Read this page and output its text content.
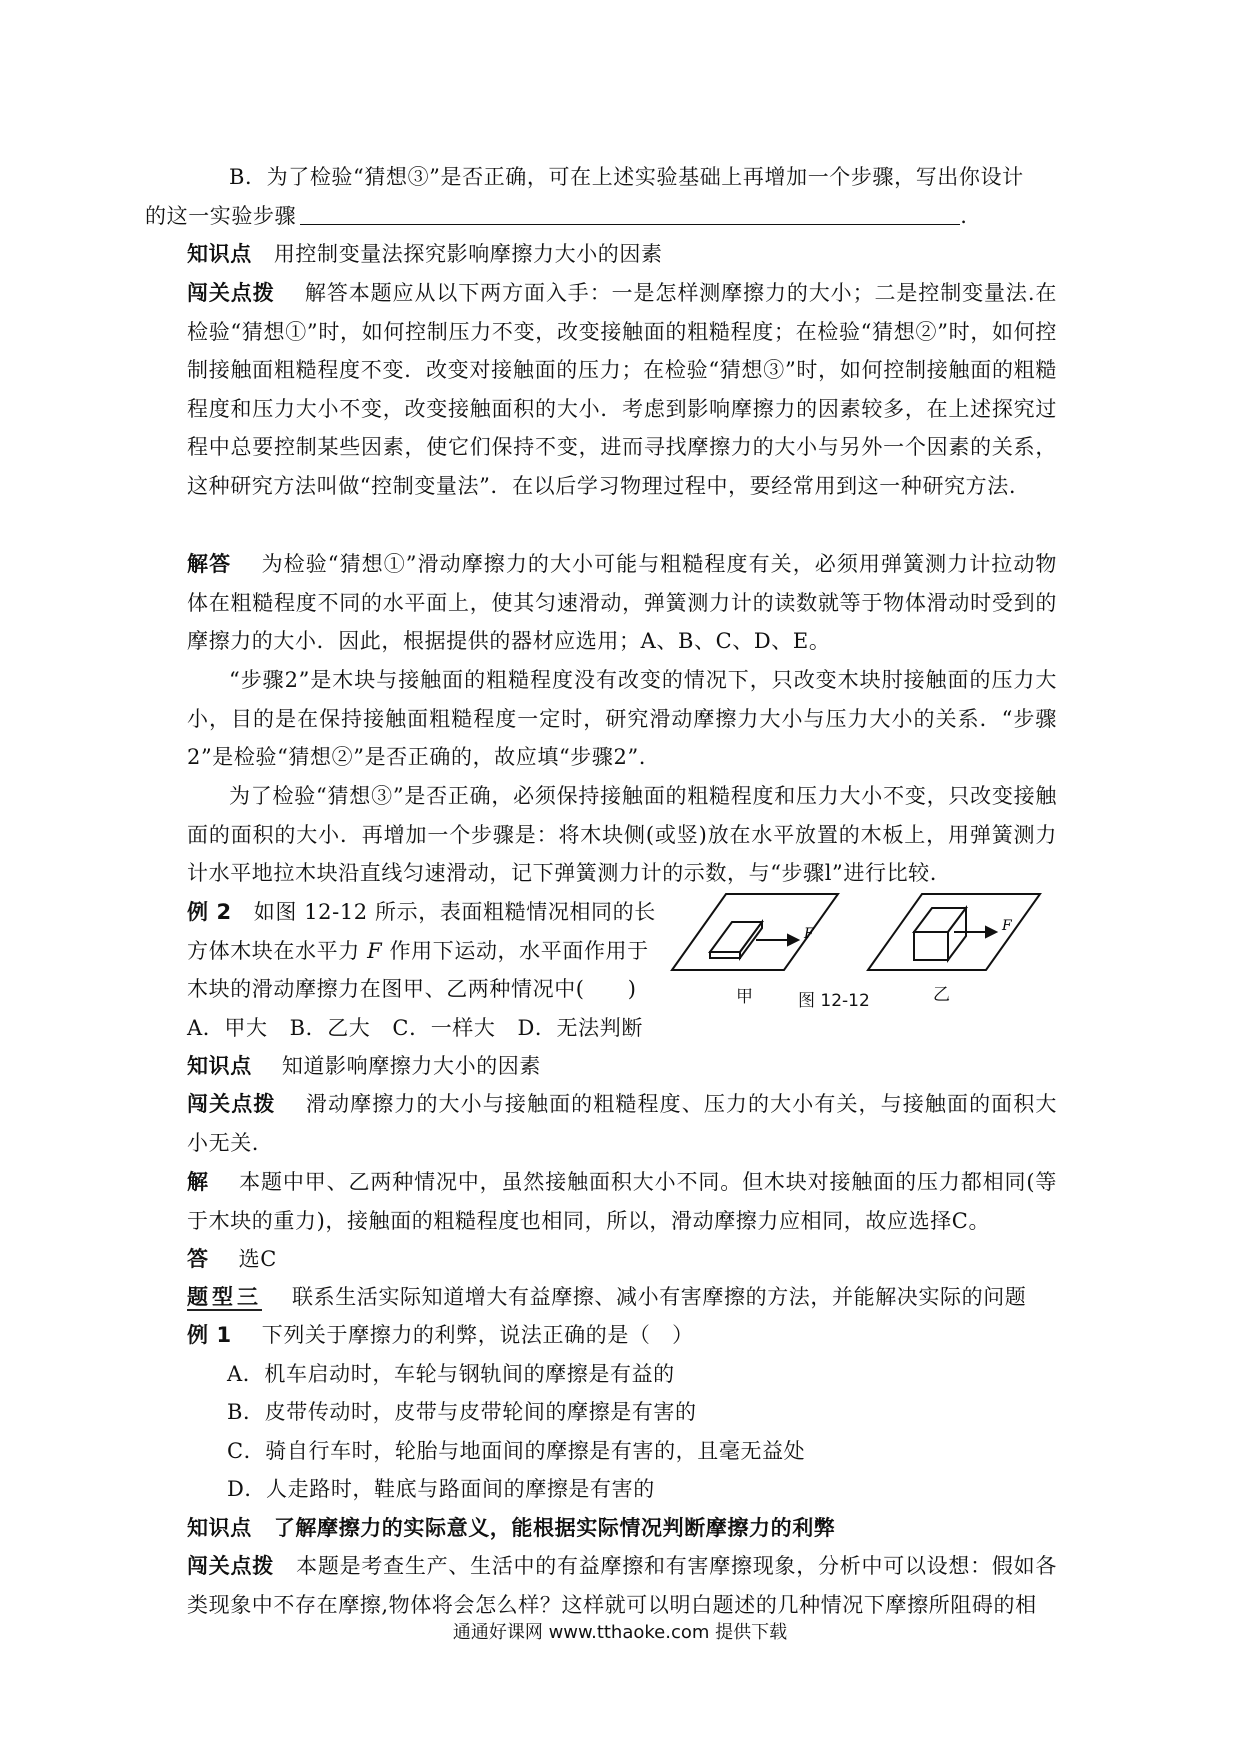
B．为了检验“猜想③”是否正确，可在上述实验基础上再增加一个步骤，写出你设计
的这一实验步骤	.
知识点 用控制变量法探究影响摩擦力大小的因素
闯关点拨 解答本题应从以下两方面入手：一是怎样测摩擦力的大小；二是控制变量法.在检验“猜想①”时，如何控制压力不变，改变接触面的粗糙程度；在检验“猜想②”时，如何控制接触面粗糙程度不变．改变对接触面的压力；在检验“猜想③”时，如何控制接触面的粗糙程度和压力大小不变，改变接触面积的大小．考虑到影响摩擦力的因素较多，在上述探究过程中总要控制某些因素，使它们保持不变，进而寻找摩擦力的大小与另外一个因素的关系，这种研究方法叫做“控制变量法”．在以后学习物理过程中，要经常用到这一种研究方法.
解答 为检验“猜想①”滑动摩擦力的大小可能与粗糙程度有关，必须用弹簧测力计拉动物体在粗糙程度不同的水平面上，使其匀速滑动，弹簧测力计的读数就等于物体滑动时受到的摩擦力的大小．因此，根据提供的器材应选用；A、B、C、D、E。
“步骤2”是木块与接触面的粗糙程度没有改变的情况下，只改变木块肘接触面的压力大小，目的是在保持接触面粗糙程度一定时，研究滑动摩擦力大小与压力大小的关系．“步骤2”是检验“猜想②”是否正确的，故应填“步骤2”.
为了检验“猜想③”是否正确，必须保持接触面的粗糙程度和压力大小不变，只改变接触面的面积的大小．再增加一个步骤是：将木块侧(或竖)放在水平放置的木板上，用弹簧测力计水平地拉木块沿直线匀速滑动，记下弹簧测力计的示数，与“步骤l”进行比较.
例 2 如图 12-12 所示，表面粗糙情况相同的长
方体木块在水平力 F 作用下运动，水平面作用于
木块的滑动摩擦力在图甲、乙两种情况中(　　)
A．甲大 B．乙大 C．一样大 D．无法判断
F	F
甲	图 12-12	乙
知识点 知道影响摩擦力大小的因素
闯关点拨 滑动摩擦力的大小与接触面的粗糙程度、压力的大小有关，与接触面的面积大小无关.
解 本题中甲、乙两种情况中，虽然接触面积大小不同。但木块对接触面的压力都相同(等于木块的重力)，接触面的粗糙程度也相同，所以，滑动摩擦力应相同，故应选择C。
答 选C
题型三 联系生活实际知道增大有益摩擦、减小有害摩擦的方法，并能解决实际的问题
例 1 下列关于摩擦力的利弊，说法正确的是（　）
A．机车启动时，车轮与钢轨间的摩擦是有益的
B．皮带传动时，皮带与皮带轮间的摩擦是有害的
C．骑自行车时，轮胎与地面间的摩擦是有害的，且毫无益处
D．人走路时，鞋底与路面间的摩擦是有害的
知识点 了解摩擦力的实际意义，能根据实际情况判断摩擦力的利弊
闯关点拨 本题是考查生产、生活中的有益摩擦和有害摩擦现象，分析中可以设想：假如各类现象中不存在摩擦,物体将会怎么样？这样就可以明白题述的几种情况下摩擦所阻碍的相
通通好课网 www.tthaoke.com 提供下载
